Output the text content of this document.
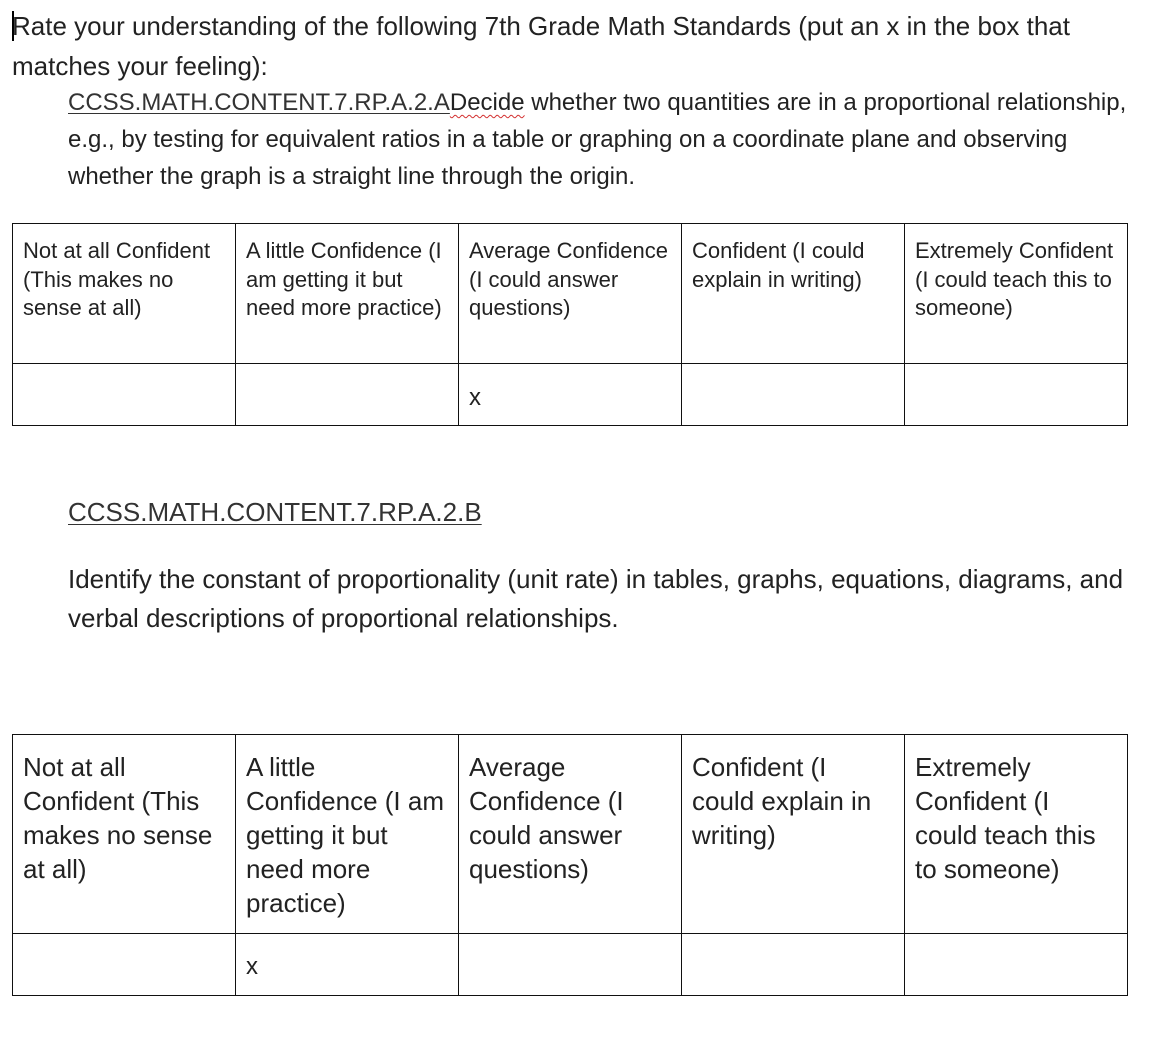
Rate your understanding of the following 7th Grade Math Standards (put an x in the box that matches your feeling):

CCSS.MATH.CONTENT.7.RP.A.2.ADecide whether two quantities are in a proportional relationship, e.g., by testing for equivalent ratios in a table or graphing on a coordinate plane and observing whether the graph is a straight line through the origin.

Not at all Confident (This makes no sense at all)	A little Confidence (I am getting it but need more practice)	Average Confidence (I could answer questions)	Confident (I could explain in writing)	Extremely Confident (I could teach this to someone)
		x		

CCSS.MATH.CONTENT.7.RP.A.2.B

Identify the constant of proportionality (unit rate) in tables, graphs, equations, diagrams, and verbal descriptions of proportional relationships.

Not at all Confident (This makes no sense at all)	A little Confidence (I am getting it but need more practice)	Average Confidence (I could answer questions)	Confident (I could explain in writing)	Extremely Confident (I could teach this to someone)
	x			
